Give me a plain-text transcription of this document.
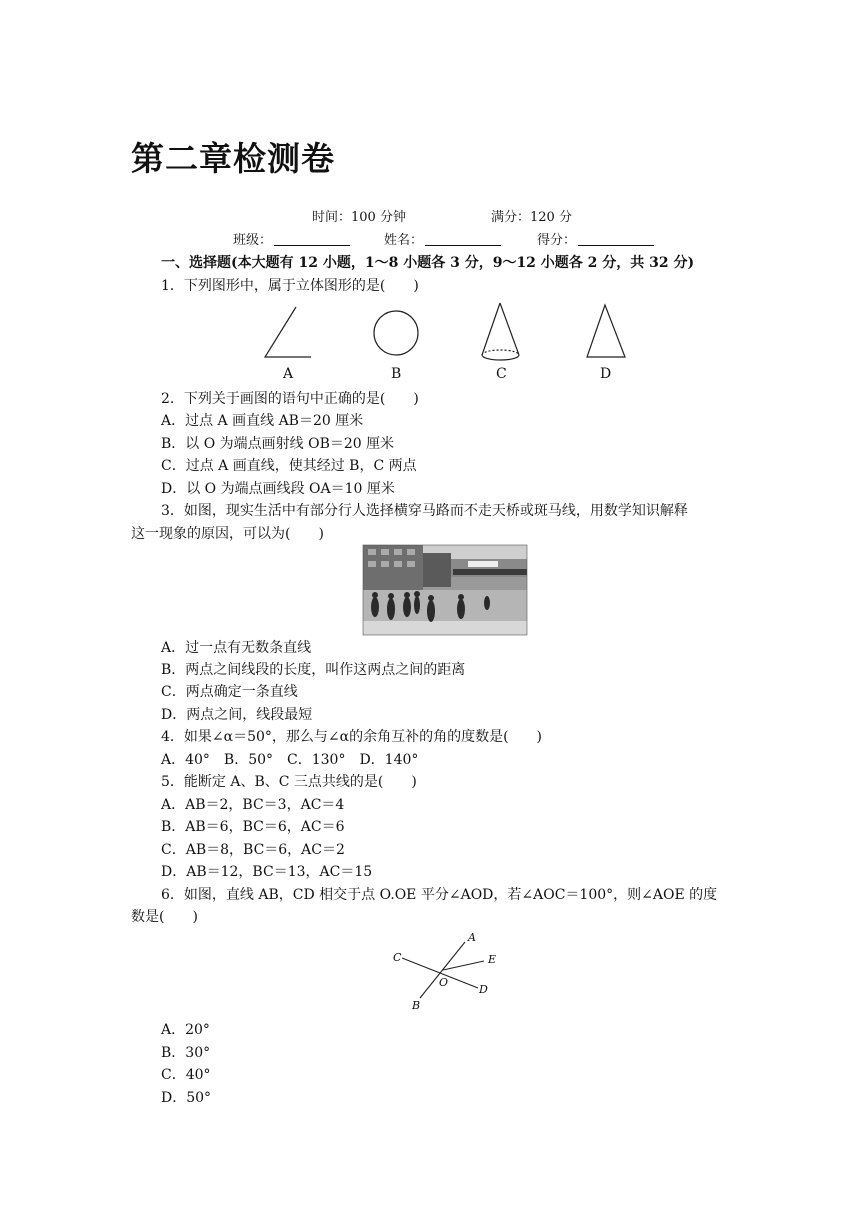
第二章检测卷
时间：100 分钟	满分：120 分
班级：	姓名：	得分：
一、选择题(本大题有 12 小题，1～8 小题各 3 分，9～12 小题各 2 分，共 32 分)
1．下列图形中，属于立体图形的是(　　)
A	B	C	D
2．下列关于画图的语句中正确的是(　　)
A．过点 A 画直线 AB＝20 厘米
B．以 O 为端点画射线 OB＝20 厘米
C．过点 A 画直线，使其经过 B，C 两点
D．以 O 为端点画线段 OA＝10 厘米
3．如图，现实生活中有部分行人选择横穿马路而不走天桥或斑马线，用数学知识解释
这一现象的原因，可以为(　　)
A．过一点有无数条直线
B．两点之间线段的长度，叫作这两点之间的距离
C．两点确定一条直线
D．两点之间，线段最短
4．如果∠α＝50°，那么与∠α的余角互补的角的度数是(　　)
A．40°　B．50°　C．130°　D．140°
5．能断定 A、B、C 三点共线的是(　　)
A．AB＝2，BC＝3，AC＝4
B．AB＝6，BC＝6，AC＝6
C．AB＝8，BC＝6，AC＝2
D．AB＝12，BC＝13，AC＝15
6．如图，直线 AB，CD 相交于点 O.OE 平分∠AOD，若∠AOC＝100°，则∠AOE 的度
数是(　　)
A
C	E
O
D
B
A．20°
B．30°
C．40°
D．50°
